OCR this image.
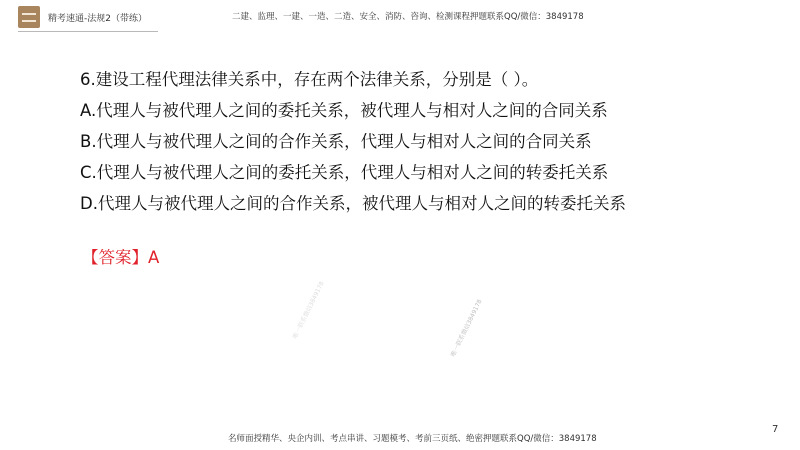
精考速通-法规2（带练）	二建、监理、一建、一造、二造、安全、消防、咨询、检测课程押题联系QQ/微信：3849178
6.建设工程代理法律关系中，存在两个法律关系，分别是（ ）。
A.代理人与被代理人之间的委托关系，被代理人与相对人之间的合同关系
B.代理人与被代理人之间的合作关系，代理人与相对人之间的合同关系
C.代理人与被代理人之间的委托关系，代理人与相对人之间的转委托关系
D.代理人与被代理人之间的合作关系，被代理人与相对人之间的转委托关系
【答案】A
唯一联系微信3849178
唯一联系微信3849178
名师面授精华、央企内训、考点串讲、习题模考、考前三页纸、绝密押题联系QQ/微信：3849178
7
